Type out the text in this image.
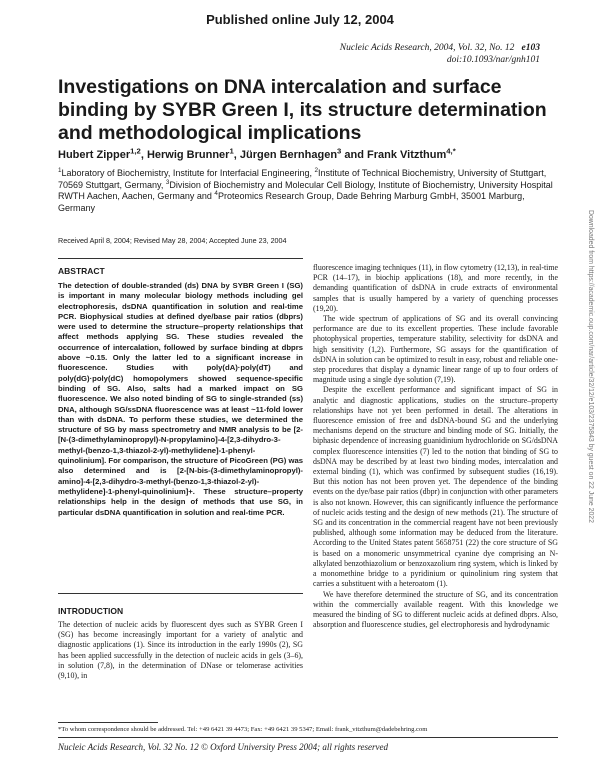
Published online July 12, 2004
Nucleic Acids Research, 2004, Vol. 32, No. 12 e103
doi:10.1093/nar/gnh101
Investigations on DNA intercalation and surface binding by SYBR Green I, its structure determination and methodological implications
Hubert Zipper$^{1,2}$, Herwig Brunner$^1$, Jürgen Bernhagen$^3$ and Frank Vitzthum$^{4,*}$
$^1$Laboratory of Biochemistry, Institute for Interfacial Engineering, $^2$Institute of Technical Biochemistry, University of Stuttgart, 70569 Stuttgart, Germany, $^3$Division of Biochemistry and Molecular Cell Biology, Institute of Biochemistry, University Hospital RWTH Aachen, Aachen, Germany and $^4$Proteomics Research Group, Dade Behring Marburg GmbH, 35001 Marburg, Germany
Received April 8, 2004; Revised May 28, 2004; Accepted June 23, 2004
ABSTRACT

The detection of double-stranded (ds) DNA by SYBR Green I (SG) is important in many molecular biology methods including gel electrophoresis, dsDNA quantification in solution and real-time PCR. Biophysical studies at defined dye/base pair ratios (dbprs) were used to determine the structure–property relationships that affect methods applying SG. These studies revealed the occurrence of intercalation, followed by surface binding at dbprs above ~0.15. Only the latter led to a significant increase in fluorescence. Studies with poly(dA)·poly(dT) and poly(dG)·poly(dC) homopolymers showed sequence-specific binding of SG. Also, salts had a marked impact on SG fluorescence. We also noted binding of SG to single-stranded (ss) DNA, although SG/ssDNA fluorescence was at least ~11-fold lower than with dsDNA. To perform these studies, we determined the structure of SG by mass spectrometry and NMR analysis to be [2-[N-(3-dimethylaminopropyl)-N-propylamino]-4-[2,3-dihydro-3-methyl-(benzo-1,3-thiazol-2-yl)-methylidene]-1-phenyl-quinolinium]. For comparison, the structure of PicoGreen (PG) was also determined and is [2-[N-bis-(3-dimethylaminopropyl)-amino]-4-[2,3-dihydro-3-methyl-(benzo-1,3-thiazol-2-yl)-methylidene]-1-phenyl-quinolinium]+. These structure–property relationships help in the design of methods that use SG, in particular dsDNA quantification in solution and real-time PCR.

INTRODUCTION

The detection of nucleic acids by fluorescent dyes such as SYBR Green I (SG) has become increasingly important for a variety of analytic and diagnostic applications (1). Since its introduction in the early 1990s (2), SG has been applied successfully in the detection of nucleic acids in gels (3–6), in solution (7,8), in the determination of DNase or telomerase activities (9,10), in

fluorescence imaging techniques (11), in flow cytometry (12,13), in real-time PCR (14–17), in biochip applications (18), and more recently, in the demanding quantification of dsDNA in crude extracts of environmental samples that is usually hampered by a variety of quenching processes (19,20).

The wide spectrum of applications of SG and its overall convincing performance are due to its excellent properties. These include favorable photophysical properties, temperature stability, selectivity for dsDNA and high sensitivity (1,2). Furthermore, SG assays for the quantification of dsDNA in solution can be optimized to result in easy, robust and reliable one-step procedures that display a dynamic linear range of up to four orders of magnitude using a single dye solution (7,19).

Despite the excellent performance and significant impact of SG in analytic and diagnostic applications, studies on the structure–property relationships have not yet been performed in detail. The alterations in fluorescence emission of free and dsDNA-bound SG and the underlying mechanisms depend on the structure and binding mode of SG. Initially, the biphasic dependence of increasing guanidinium hydrochloride on SG/dsDNA complex fluorescence intensities (7) led to the notion that binding of SG to dsDNA may be described by at least two binding modes, intercalation and external binding (1), which was confirmed by subsequent studies (16,19). But this notion has not been proven yet. The dependence of the binding events on the dye/base pair ratios (dbpr) in conjunction with other parameters is also not known. However, this can significantly influence the performance of nucleic acids testing and the design of new methods (21). The structure of SG and its concentration in the commercial reagent have not been previously published, although some information may be deduced from the literature. According to the United States patent 5658751 (22) the core structure of SG is based on a monomeric unsymmetrical cyanine dye comprising an N-alkylated benzothiazolium or benzoxazolium ring system, which is linked by a monomethine bridge to a pyridinium or quinolinium ring system that carries a substituent with a heteroatom (1).

We have therefore determined the structure of SG, and its concentration within the commercially available reagent. With this knowledge we measured the binding of SG to different nucleic acids at defined dbprs. Also, absorption and fluorescence studies, gel electrophoresis and hydrodynamic

*To whom correspondence should be addressed. Tel: +49 6421 39 4473; Fax: +49 6421 39 5347; Email: frank_vitzthum@dadebehring.com
Nucleic Acids Research, Vol. 32 No. 12 © Oxford University Press 2004; all rights reserved
Downloaded from https://academic.oup.com/nar/article/32/12/e103/2375843 by guest on 22 June 2022
